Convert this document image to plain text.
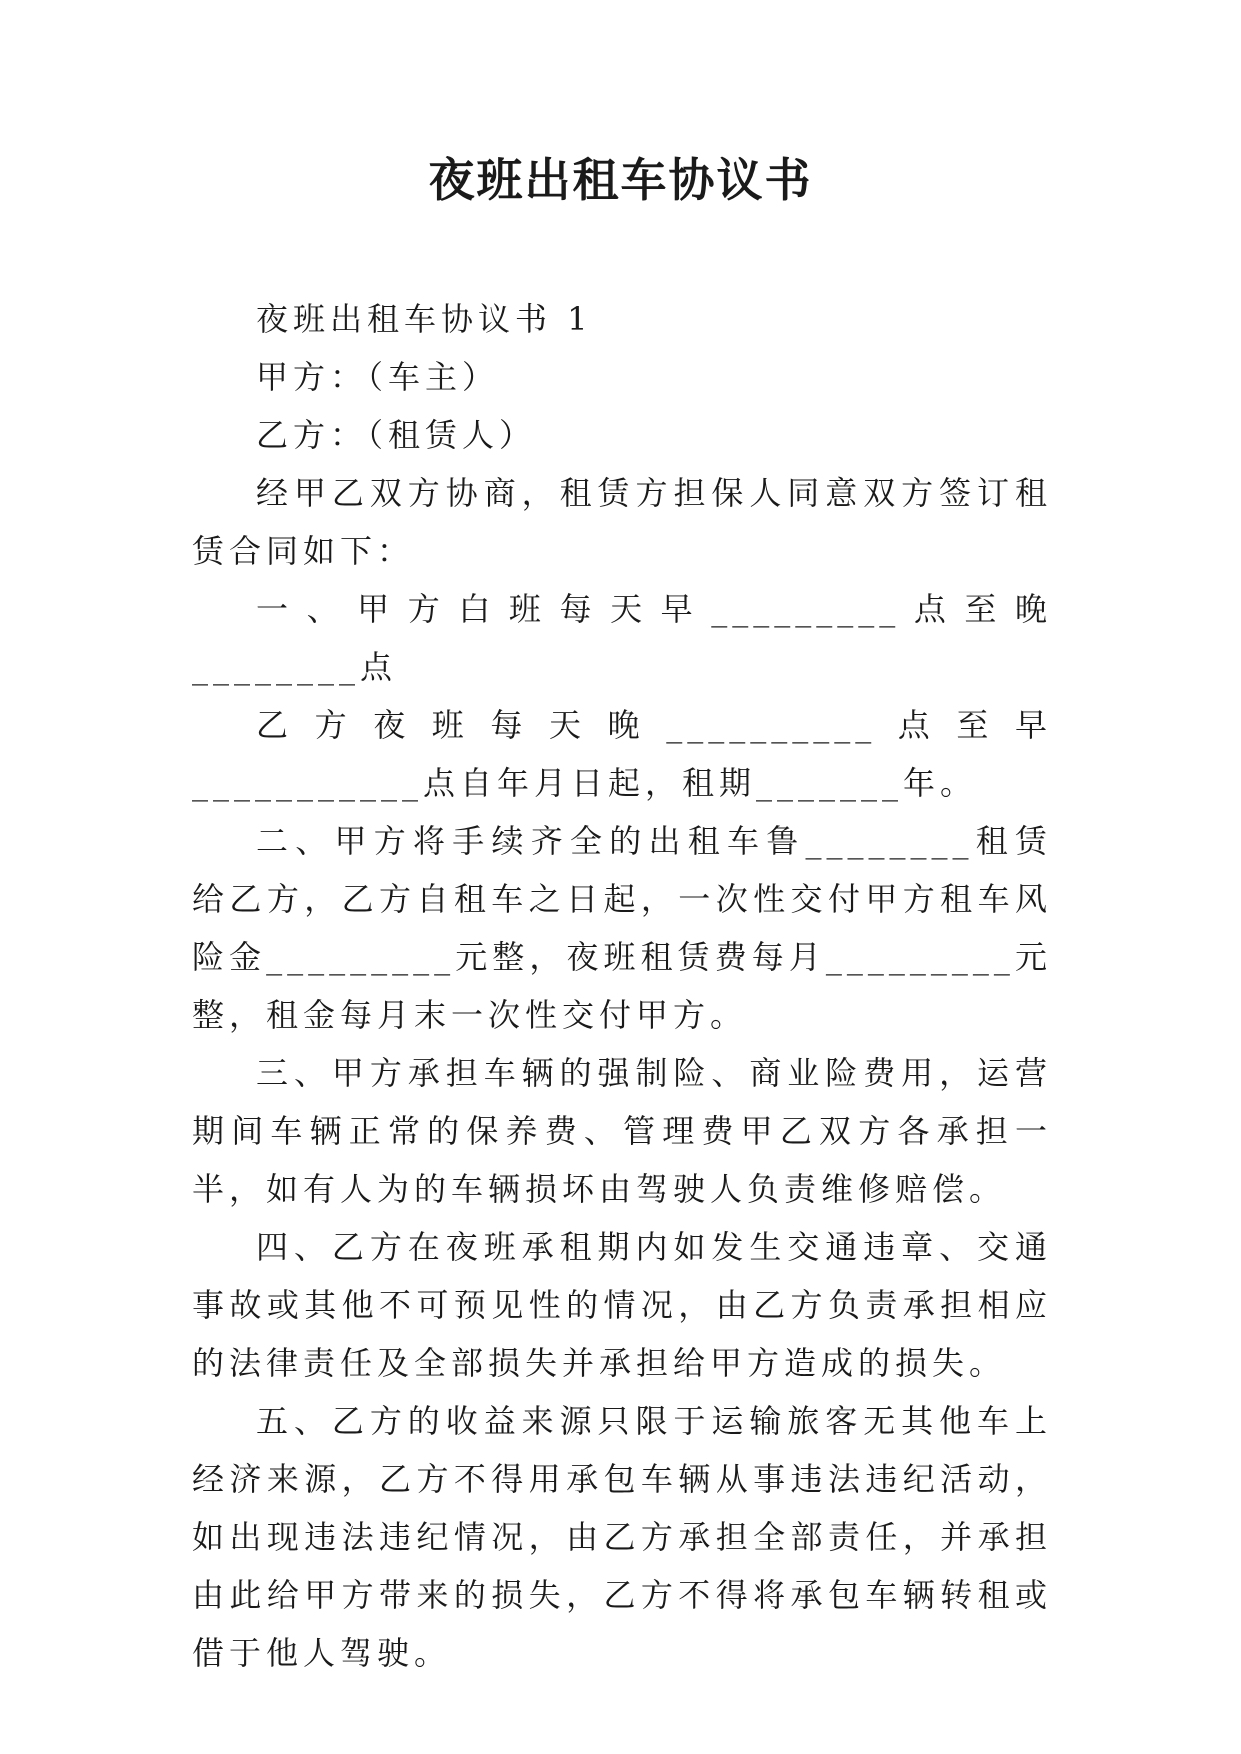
夜班出租车协议书

夜班出租车协议书 1

甲方：（车主）

乙方：（租赁人）

经甲乙双方协商，租赁方担保人同意双方签订租赁合同如下：

一、甲方白班每天早_________点至晚________点

乙方夜班每天晚__________点至早___________点自年月日起，租期_______年。

二、甲方将手续齐全的出租车鲁________租赁给乙方，乙方自租车之日起，一次性交付甲方租车风险金_________元整，夜班租赁费每月_________元整，租金每月末一次性交付甲方。

三、甲方承担车辆的强制险、商业险费用，运营期间车辆正常的保养费、管理费甲乙双方各承担一半，如有人为的车辆损坏由驾驶人负责维修赔偿。

四、乙方在夜班承租期内如发生交通违章、交通事故或其他不可预见性的情况，由乙方负责承担相应的法律责任及全部损失并承担给甲方造成的损失。

五、乙方的收益来源只限于运输旅客无其他车上经济来源，乙方不得用承包车辆从事违法违纪活动，如出现违法违纪情况，由乙方承担全部责任，并承担由此给甲方带来的损失，乙方不得将承包车辆转租或借于他人驾驶。
